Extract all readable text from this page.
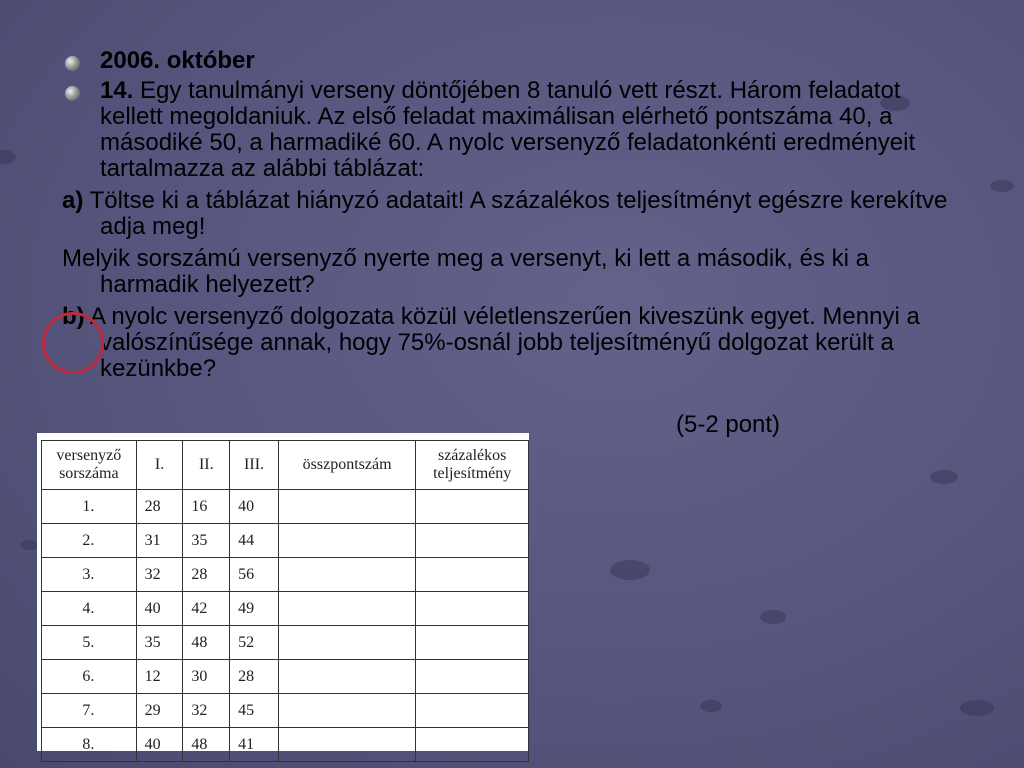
2006. október
14. Egy tanulmányi verseny döntőjében 8 tanuló vett részt. Három feladatot kellett megoldaniuk. Az első feladat maximálisan elérhető pontszáma 40, a másodiké 50, a harmadiké 60. A nyolc versenyző feladatonkénti eredményeit tartalmazza az alábbi táblázat:
a) Töltse ki a táblázat hiányzó adatait! A százalékos teljesítményt egészre kerekítve adja meg!
Melyik sorszámú versenyző nyerte meg a versenyt, ki lett a második, és ki a harmadik helyezett?
b) A nyolc versenyző dolgozata közül véletlenszerűen kiveszünk egyet. Mennyi a valószínűsége annak, hogy 75%-osnál jobb teljesítményű dolgozat került a kezünkbe?
(5-2 pont)
versenyző sorszáma	I.	II.	III.	összpontszám	százalékos teljesítmény
1.	28	16	40		
2.	31	35	44		
3.	32	28	56		
4.	40	42	49		
5.	35	48	52		
6.	12	30	28		
7.	29	32	45		
8.	40	48	41		
